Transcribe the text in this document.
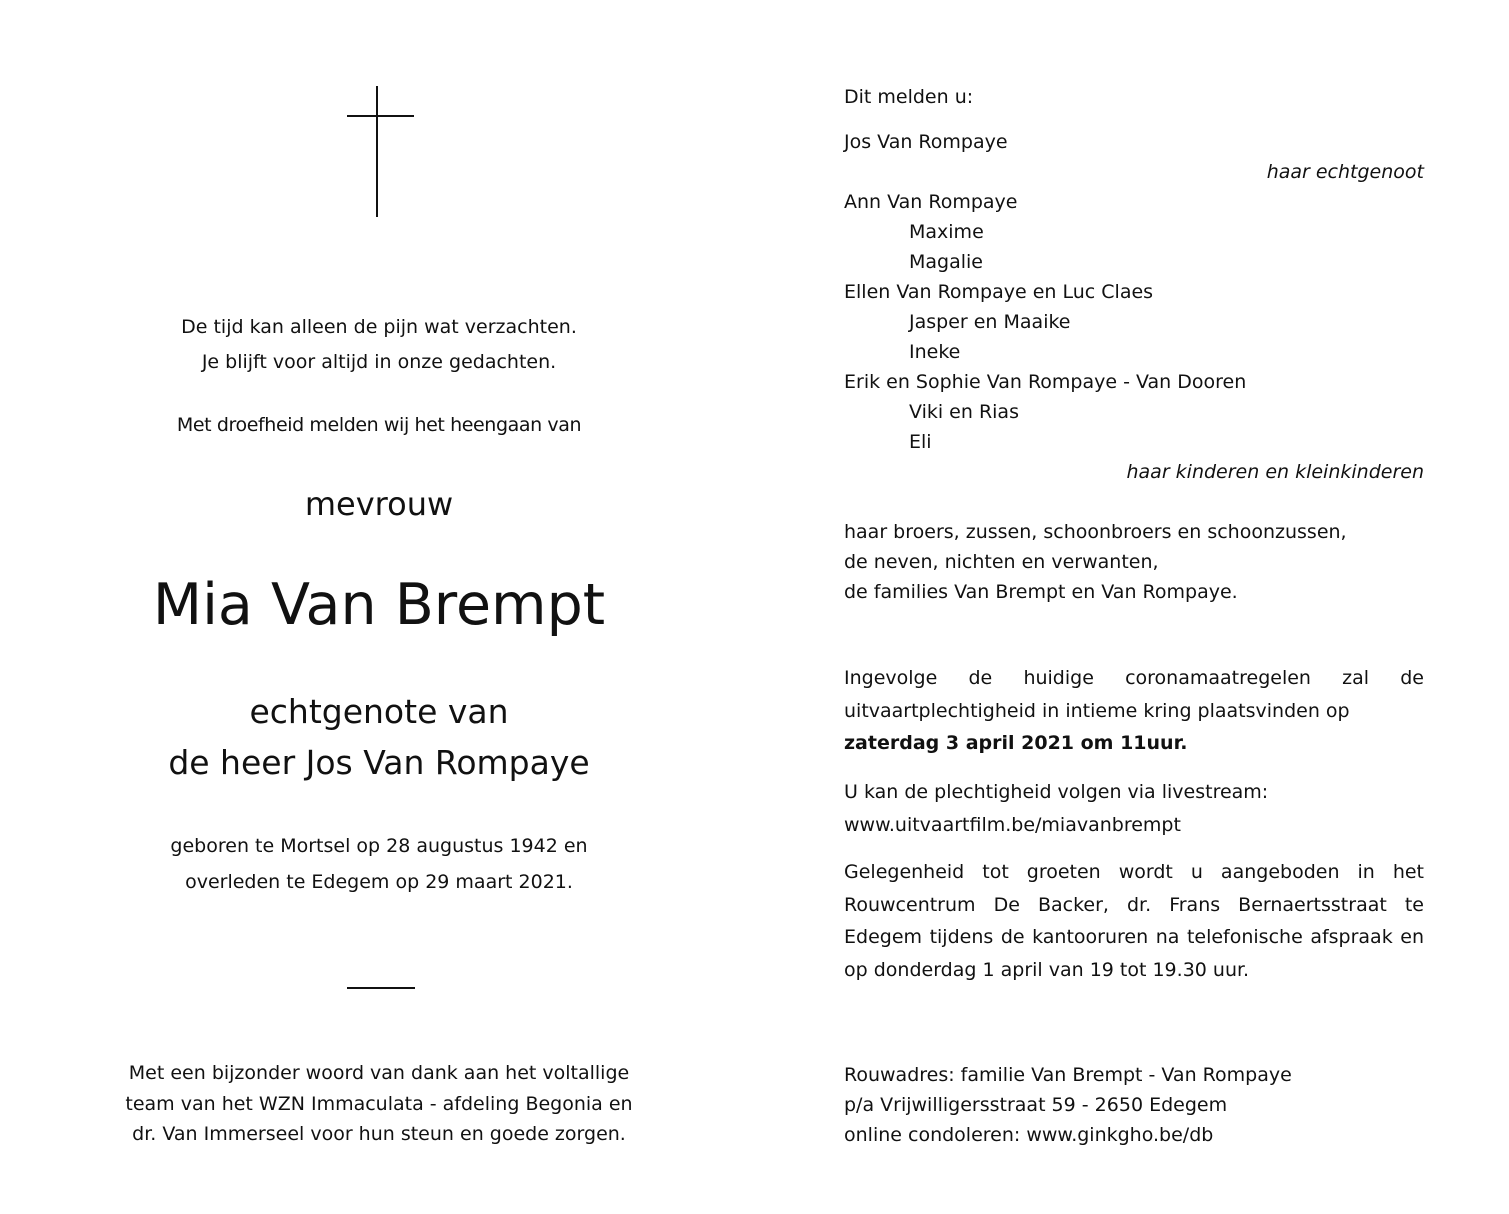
De tijd kan alleen de pijn wat verzachten.
Je blijft voor altijd in onze gedachten.
Met droefheid melden wij het heengaan van
mevrouw
Mia Van Brempt
echtgenote van
de heer Jos Van Rompaye
geboren te Mortsel op 28 augustus 1942 en
overleden te Edegem op 29 maart 2021.
Met een bijzonder woord van dank aan het voltallige
team van het WZN Immaculata - afdeling Begonia en
dr. Van Immerseel voor hun steun en goede zorgen.
Dit melden u:
Jos Van Rompaye
haar echtgenoot
Ann Van Rompaye
Maxime
Magalie
Ellen Van Rompaye en Luc Claes
Jasper en Maaike
Ineke
Erik en Sophie Van Rompaye - Van Dooren
Viki en Rias
Eli
haar kinderen en kleinkinderen
haar broers, zussen, schoonbroers en schoonzussen,
de neven, nichten en verwanten,
de families Van Brempt en Van Rompaye.
Ingevolge de huidige coronamaatregelen zal de uitvaartplechtigheid in intieme kring plaatsvinden op
zaterdag 3 april 2021 om 11uur.
U kan de plechtigheid volgen via livestream:
www.uitvaartfilm.be/miavanbrempt
Gelegenheid tot groeten wordt u aangeboden in het Rouwcentrum De Backer, dr. Frans Bernaertsstraat te Edegem tijdens de kantooruren na telefonische afspraak en op donderdag 1 april van 19 tot 19.30 uur.
Rouwadres: familie Van Brempt - Van Rompaye
p/a Vrijwilligersstraat 59 - 2650 Edegem
online condoleren: www.ginkgho.be/db
